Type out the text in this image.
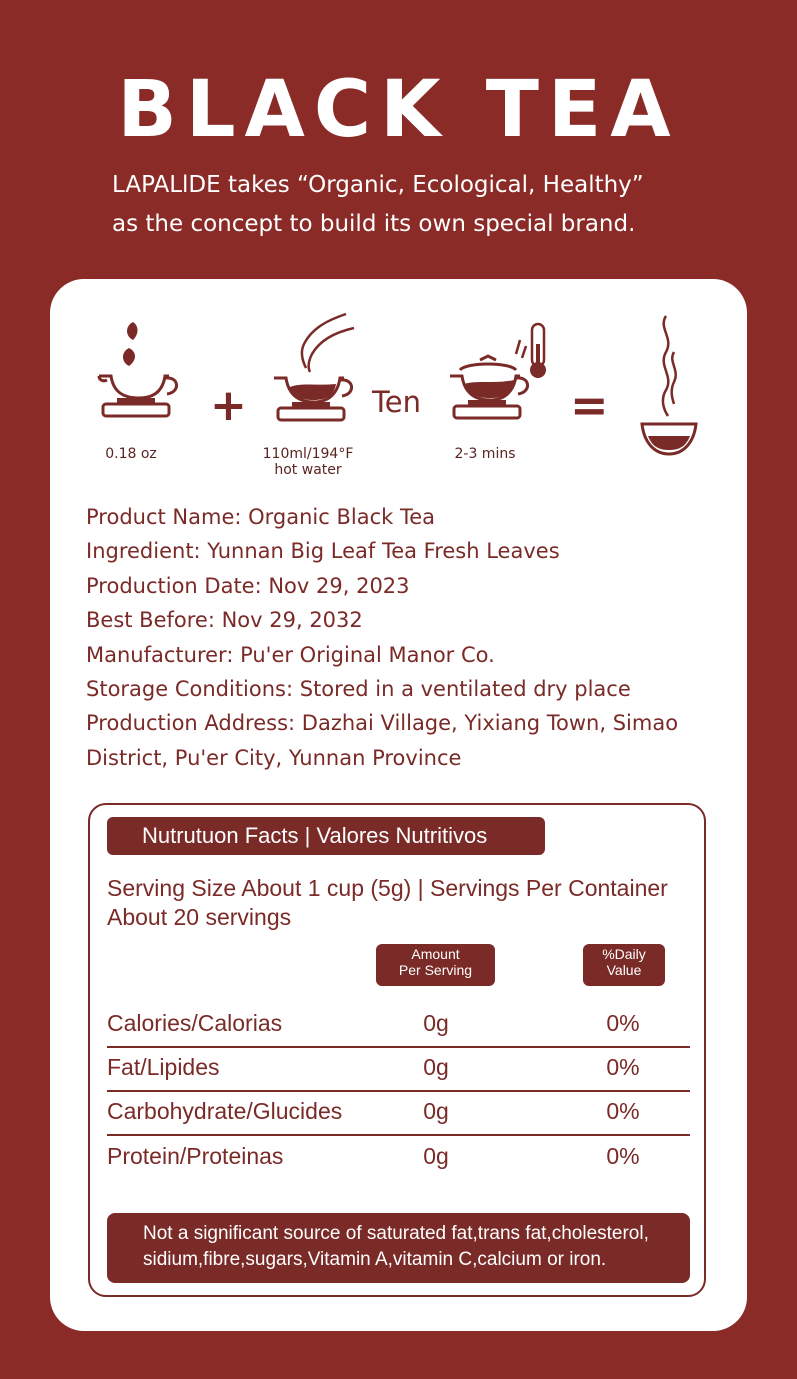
BLACK TEA
LAPALlDE takes “Organic, Ecological, Healthy”
as the concept to build its own special brand.
0.18 oz
+
110ml/194°F
hot water
Ten
2-3 mins
=
Product Name: Organic Black Tea
Ingredient: Yunnan Big Leaf Tea Fresh Leaves
Production Date: Nov 29, 2023
Best Before: Nov 29, 2032
Manufacturer: Pu'er Original Manor Co.
Storage Conditions: Stored in a ventilated dry place
Production Address: Dazhai Village, Yixiang Town, Simao
District, Pu'er City, Yunnan Province
Nutrutuon Facts | Valores Nutritivos
Serving Size About 1 cup (5g) | Servings Per Container
About 20 servings
Amount
Per Serving
%Daily
Value
Calories/Calorias	0g	0%
Fat/Lipides	0g	0%
Carbohydrate/Glucides	0g	0%
Protein/Proteinas	0g	0%
Not a significant source of saturated fat,trans fat,cholesterol,
sidium,fibre,sugars,Vitamin A,vitamin C,calcium or iron.
